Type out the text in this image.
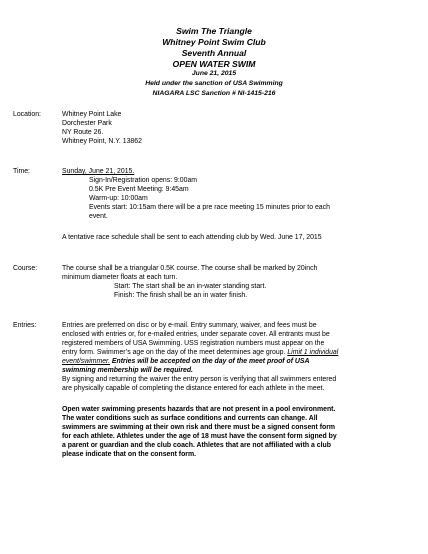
Swim The Triangle
Whitney Point Swim Club
Seventh Annual
OPEN WATER SWIM
June 21, 2015
Held under the sanction of USA Swimming
NIAGARA LSC Sanction # NI-1415-216
Location:	Whitney Point Lake
Dorchester Park
NY Route 26.
Whitney Point, N.Y. 13862
Time:	Sunday, June 21, 2015.
Sign-In/Registration opens: 9:00am
0.5K Pre Event Meeting: 9:45am
Warm-up: 10:00am
Events start: 10:15am there will be a pre race meeting 15 minutes prior to each
event.
A tentative race schedule shall be sent to each attending club by Wed. June 17, 2015
Course:	The course shall be a triangular 0.5K course. The course shall be marked by 20inch
minimum diameter floats at each turn.
Start: The start shall be an in-water standing start.
Finish: The finish shall be an in water finish.
Entries:	Entries are preferred on disc or by e-mail. Entry summary, waiver, and fees must be
enclosed with entries or, for e-mailed entries, under separate cover. All entrants must be
registered members of USA Swimming. USS registration numbers must appear on the
entry form. Swimmer’s age on the day of the meet determines age group. Limit 1 individual
event/swimmer. Entries will be accepted on the day of the meet proof of USA
swimming membership will be required.
By signing and returning the waiver the entry person is verifying that all swimmers entered
are physically capable of completing the distance entered for each athlete in the meet.
Open water swimming presents hazards that are not present in a pool environment.
The water conditions such as surface conditions and currents can change. All
swimmers are swimming at their own risk and there must be a signed consent form
for each athlete. Athletes under the age of 18 must have the consent form signed by
a parent or guardian and the club coach. Athletes that are not affiliated with a club
please indicate that on the consent form.
